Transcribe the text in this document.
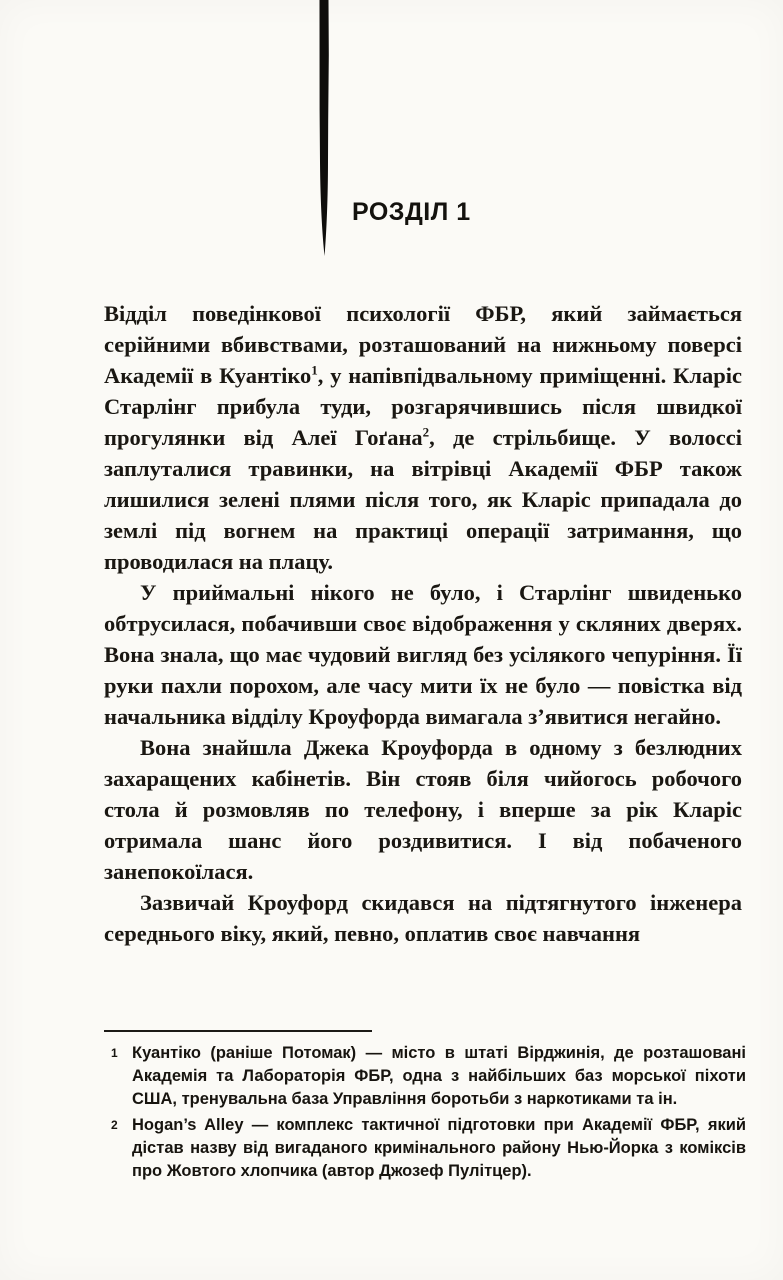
РОЗДІЛ 1

Відділ поведінкової психології ФБР, який займається серійними вбивствами, розташований на нижньому поверсі Академії в Куантіко$^1$, у напівпідвальному приміщенні. Кларіс Старлінг прибула туди, розгарячившись після швидкої прогулянки від Алеї Гоґана$^2$, де стрільбище. У волоссі заплуталися травинки, на вітрівці Академії ФБР також лишилися зелені плями після того, як Кларіс припадала до землі під вогнем на практиці операції затримання, що проводилася на плацу.

У приймальні нікого не було, і Старлінг швиденько обтрусилася, побачивши своє відображення у скляних дверях. Вона знала, що має чудовий вигляд без усілякого чепуріння. Її руки пахли порохом, але часу мити їх не було — повістка від начальника відділу Кроуфорда вимагала з’явитися негайно.

Вона знайшла Джека Кроуфорда в одному з безлюдних захаращених кабінетів. Він стояв біля чийогось робочого стола й розмовляв по телефону, і вперше за рік Кларіс отримала шанс його роздивитися. І від побаченого занепокоїлася.

Зазвичай Кроуфорд скидався на підтягнутого інженера середнього віку, який, певно, оплатив своє навчання

1 Куантіко (раніше Потомак) — місто в штаті Вірджинія, де розташовані Академія та Лабораторія ФБР, одна з найбільших баз морської піхоти США, тренувальна база Управління боротьби з наркотиками та ін.
2 Hogan’s Alley — комплекс тактичної підготовки при Академії ФБР, який дістав назву від вигаданого кримінального району Нью-Йорка з коміксів про Жовтого хлопчика (автор Джозеф Пулітцер).
